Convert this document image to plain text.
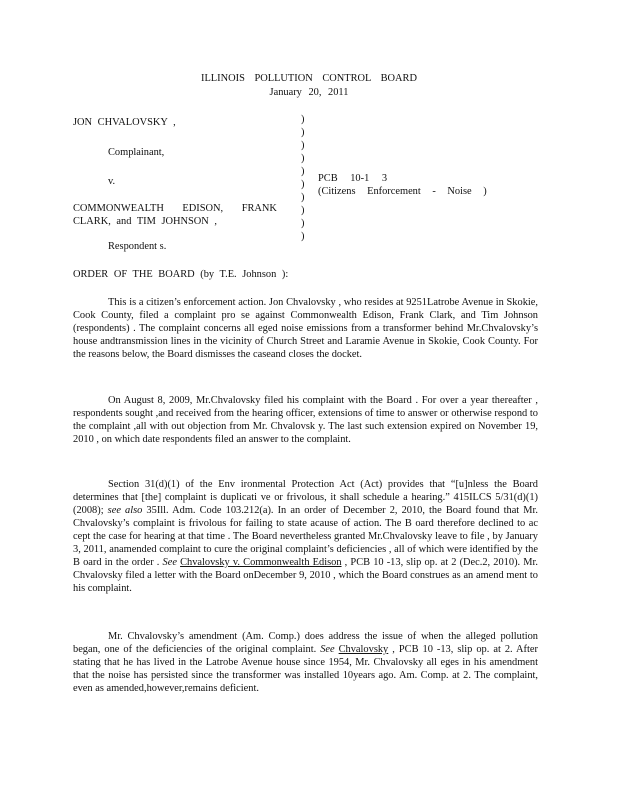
ILLINOIS POLLUTION CONTROL BOARD
January 20, 2011
JON CHVALOVSKY ,
Complainant,
v.
COMMONWEALTH EDISON, FRANK
CLARK, and TIM JOHNSON ,
Respondent s.
)
)
)
)
)
)
)
)
)
)
PCB 10-1 3
(Citizens Enforcement - Noise )
ORDER OF THE BOARD (by T.E. Johnson ):

This is a citizen’s enforcement action. Jon Chvalovsky , who resides at 9251Latrobe Avenue in Skokie, Cook County, filed a complaint pro se against Commonwealth Edison, Frank Clark, and Tim Johnson (respondents) . The complaint concerns all eged noise emissions from a transformer behind Mr.Chvalovsky’s house andtransmission lines in the vicinity of Church Street and Laramie Avenue in Skokie, Cook County. For the reasons below, the Board dismisses the caseand closes the docket.

On August 8, 2009, Mr.Chvalovsky filed his complaint with the Board . For over a year thereafter , respondents sought ,and received from the hearing officer, extensions of time to answer or otherwise respond to the complaint ,all with out objection from Mr. Chvalovsk y. The last such extension expired on November 19, 2010 , on which date respondents filed an answer to the complaint.

Section 31(d)(1) of the Env ironmental Protection Act (Act) provides that “[u]nless the Board determines that [the] complaint is duplicati ve or frivolous, it shall schedule a hearing.” 415ILCS 5/31(d)(1) (2008); see also 35Ill. Adm. Code 103.212(a). In an order of December 2, 2010, the Board found that Mr. Chvalovsky’s complaint is frivolous for failing to state acause of action. The B oard therefore declined to ac cept the case for hearing at that time . The Board nevertheless granted Mr.Chvalovsky leave to file , by January 3, 2011, anamended complaint to cure the original complaint’s deficiencies , all of which were identified by the B oard in the order . See Chvalovsky v. Commonwealth Edison , PCB 10 -13, slip op. at 2 (Dec.2, 2010). Mr. Chvalovsky filed a letter with the Board onDecember 9, 2010 , which the Board construes as an amend ment to his complaint.

Mr. Chvalovsky’s amendment (Am. Comp.) does address the issue of when the alleged pollution began, one of the deficiencies of the original complaint. See Chvalovsky , PCB 10 -13, slip op. at 2. After stating that he has lived in the Latrobe Avenue house since 1954, Mr. Chvalovsky all eges in his amendment that the noise has persisted since the transformer was installed 10years ago. Am. Comp. at 2. The complaint, even as amended,however,remains deficient.
